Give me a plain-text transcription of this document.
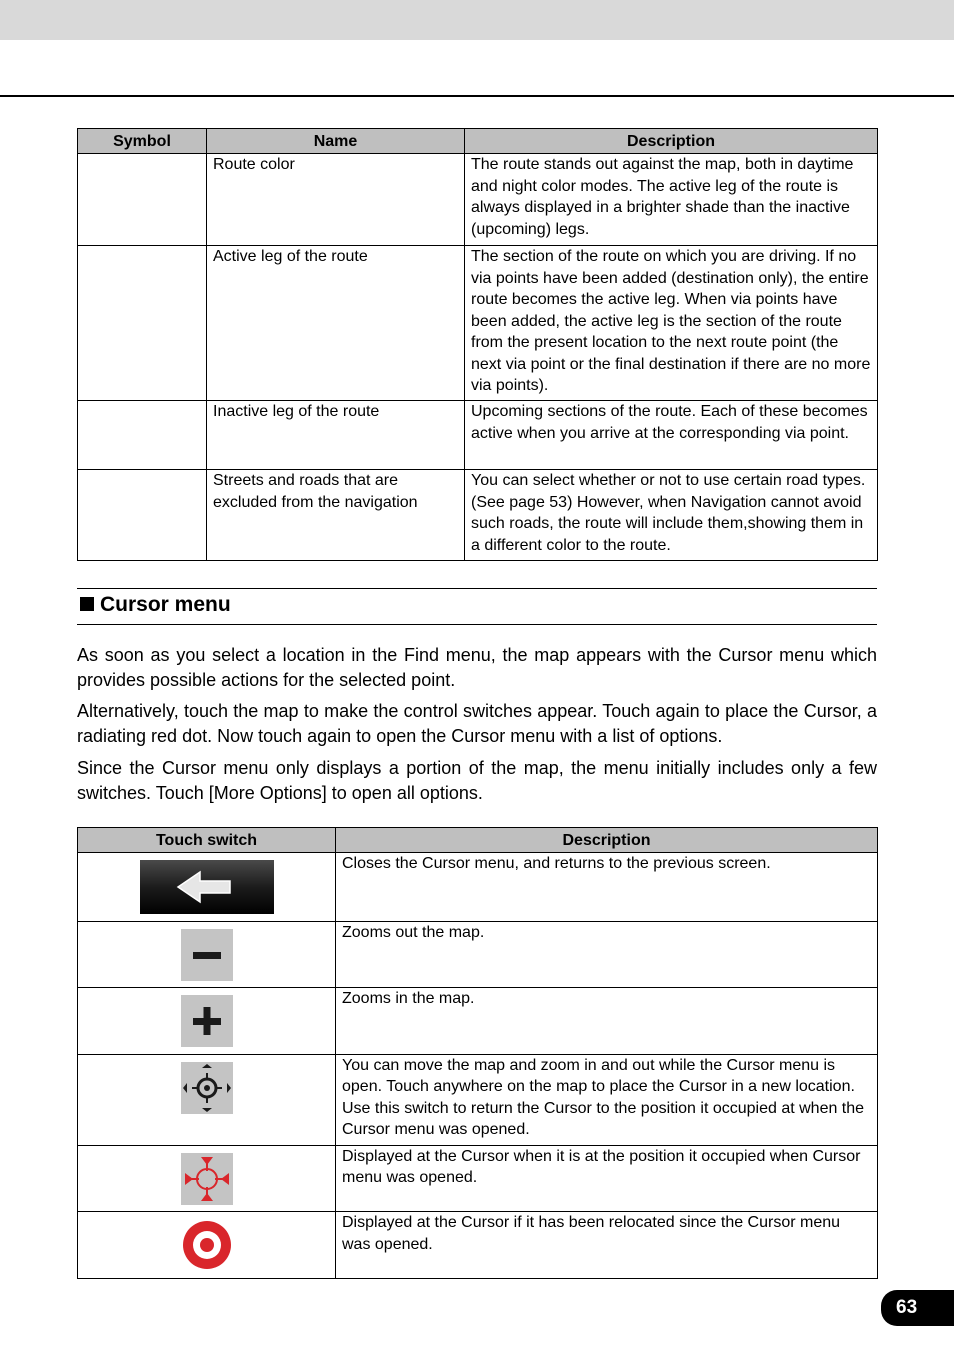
Symbol	Name	Description
	Route color	The route stands out against the map, both in daytime and night color modes. The active leg of the route is always displayed in a brighter shade than the inactive (upcoming) legs.
	Active leg of the route	The section of the route on which you are driving. If no via points have been added (destination only), the entire route becomes the active leg. When via points have been added, the active leg is the section of the route from the present location to the next route point (the next via point or the final destination if there are no more via points).
	Inactive leg of the route	Upcoming sections of the route. Each of these becomes active when you arrive at the corresponding via point.
	Streets and roads that are excluded from the navigation	You can select whether or not to use certain road types. (See page 53) However, when Navigation cannot avoid such roads, the route will include them,showing them in a different color to the route.
Cursor menu

As soon as you select a location in the Find menu, the map appears with the Cursor menu which provides possible actions for the selected point.

Alternatively, touch the map to make the control switches appear. Touch again to place the Cursor, a radiating red dot. Now touch again to open the Cursor menu with a list of options.

Since the Cursor menu only displays a portion of the map, the menu initially includes only a few switches. Touch [More Options] to open all options.

Touch switch	Description
	Closes the Cursor menu, and returns to the previous screen.
	Zooms out the map.
	Zooms in the map.
	You can move the map and zoom in and out while the Cursor menu is open. Touch anywhere on the map to place the Cursor in a new location. Use this switch to return the Cursor to the position it occupied at when the Cursor menu was opened.
	Displayed at the Cursor when it is at the position it occupied when Cursor menu was opened.
	Displayed at the Cursor if it has been relocated since the Cursor menu was opened.
63
